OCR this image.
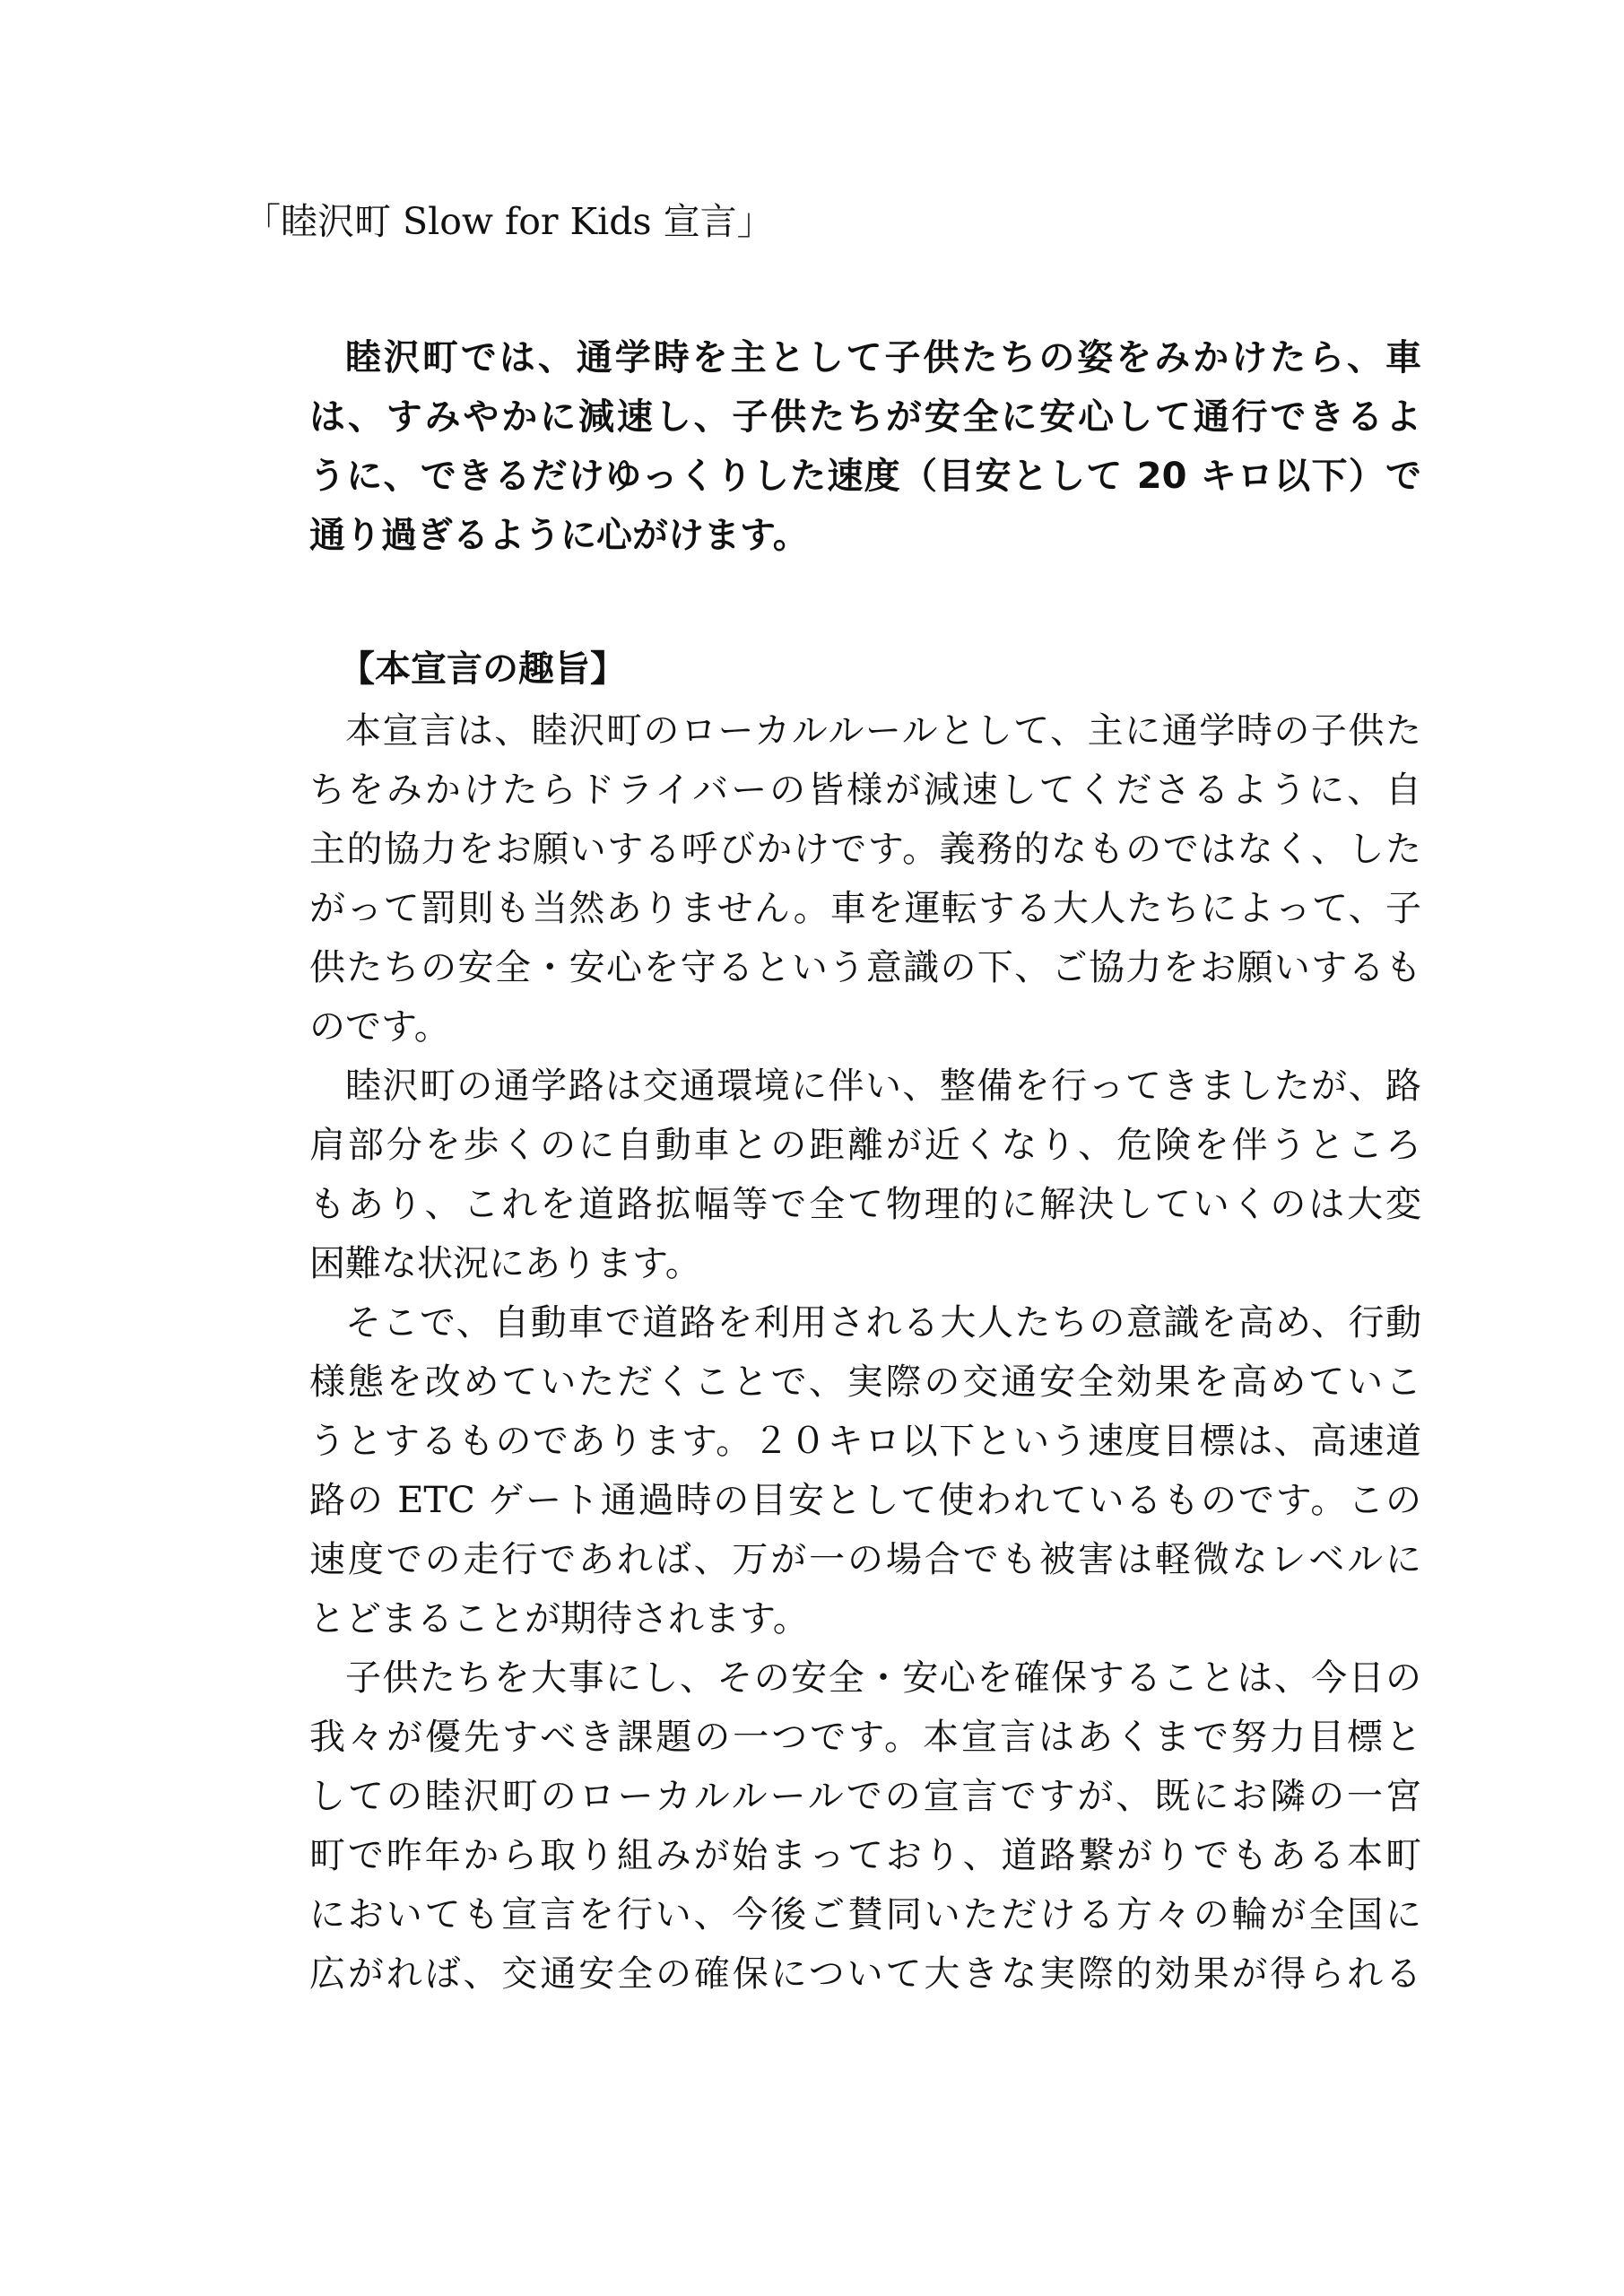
「睦沢町 Slow for Kids 宣言」
睦沢町では、通学時を主として子供たちの姿をみかけたら、車
は、すみやかに減速し、子供たちが安全に安心して通行できるよ
うに、できるだけゆっくりした速度（目安として 20 キロ以下）で
通り過ぎるように心がけます。
【本宣言の趣旨】
本宣言は、睦沢町のローカルルールとして、主に通学時の子供た
ちをみかけたらドライバーの皆様が減速してくださるように、自
主的協力をお願いする呼びかけです。義務的なものではなく、した
がって罰則も当然ありません。車を運転する大人たちによって、子
供たちの安全・安心を守るという意識の下、ご協力をお願いするも
のです。
睦沢町の通学路は交通環境に伴い、整備を行ってきましたが、路
肩部分を歩くのに自動車との距離が近くなり、危険を伴うところ
もあり、これを道路拡幅等で全て物理的に解決していくのは大変
困難な状況にあります。
そこで、自動車で道路を利用される大人たちの意識を高め、行動
様態を改めていただくことで、実際の交通安全効果を高めていこ
うとするものであります。２０キロ以下という速度目標は、高速道
路の ETC ゲート通過時の目安として使われているものです。この
速度での走行であれば、万が一の場合でも被害は軽微なレベルに
とどまることが期待されます。
子供たちを大事にし、その安全・安心を確保することは、今日の
我々が優先すべき課題の一つです。本宣言はあくまで努力目標と
しての睦沢町のローカルルールでの宣言ですが、既にお隣の一宮
町で昨年から取り組みが始まっており、道路繋がりでもある本町
においても宣言を行い、今後ご賛同いただける方々の輪が全国に
広がれば、交通安全の確保について大きな実際的効果が得られる
